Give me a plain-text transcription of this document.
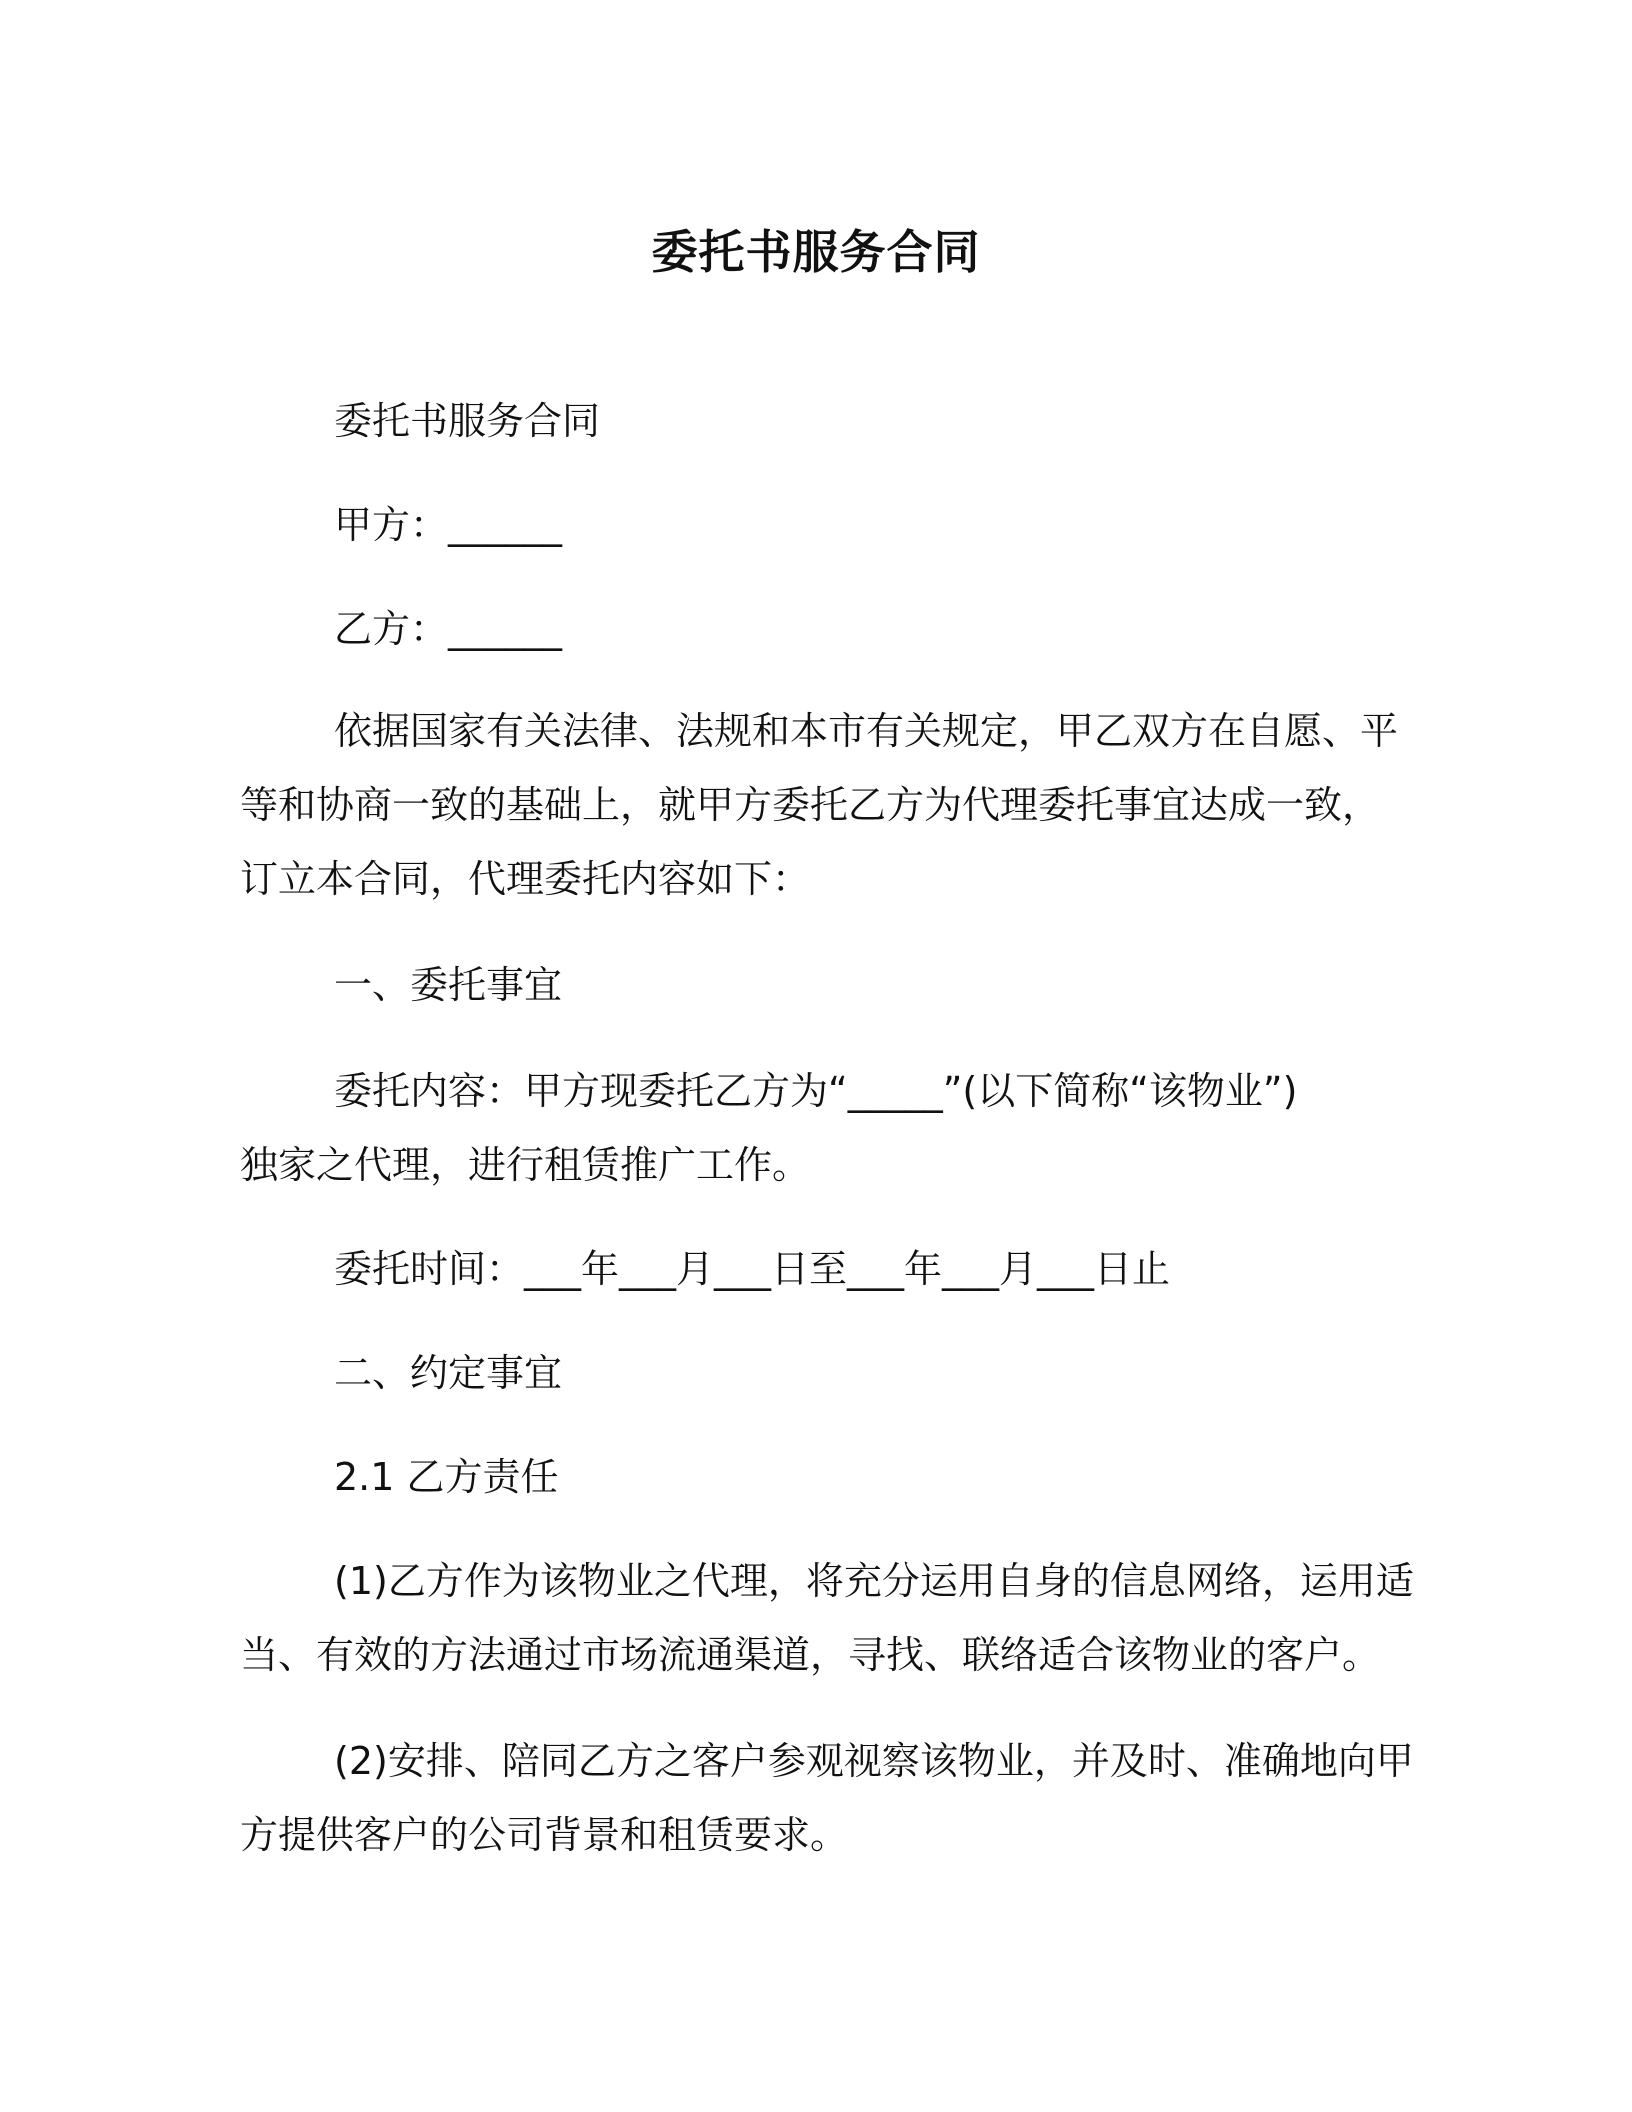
委托书服务合同
委托书服务合同
甲方：______
乙方：______
依据国家有关法律、法规和本市有关规定，甲乙双方在自愿、平
等和协商一致的基础上，就甲方委托乙方为代理委托事宜达成一致，
订立本合同，代理委托内容如下：
一、委托事宜
委托内容：甲方现委托乙方为“_____”(以下简称“该物业”)
独家之代理，进行租赁推广工作。
委托时间：___年___月___日至___年___月___日止
二、约定事宜
2.1 乙方责任
(1)乙方作为该物业之代理，将充分运用自身的信息网络，运用适
当、有效的方法通过市场流通渠道，寻找、联络适合该物业的客户。
(2)安排、陪同乙方之客户参观视察该物业，并及时、准确地向甲
方提供客户的公司背景和租赁要求。
